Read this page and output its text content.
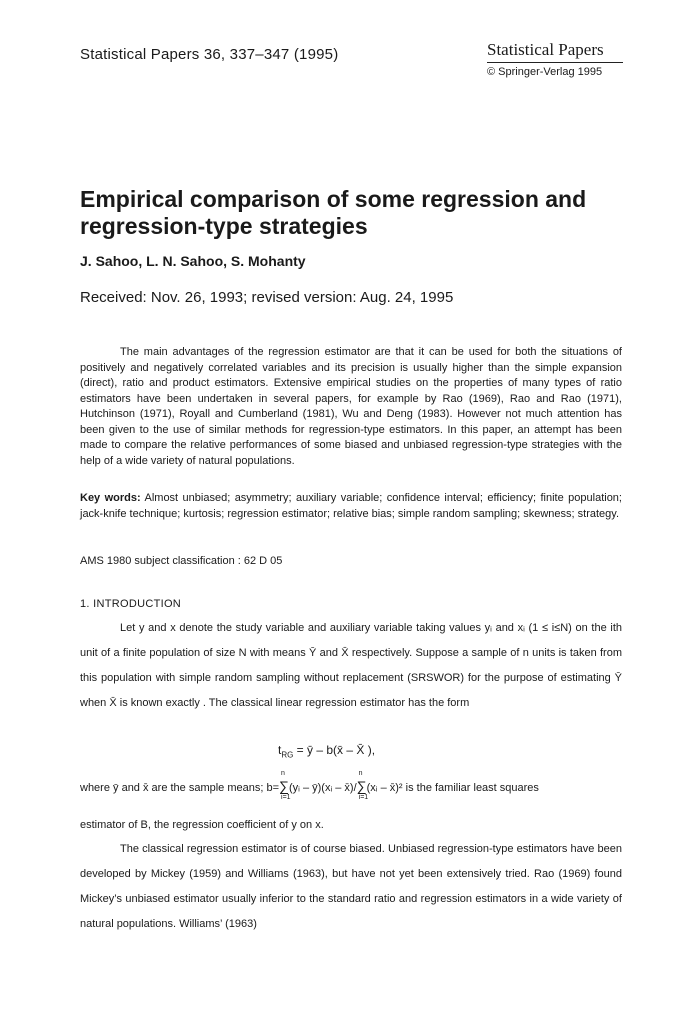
Statistical Papers 36, 337–347 (1995)	Statistical Papers
© Springer-Verlag 1995
Empirical comparison of some regression and regression-type strategies

J. Sahoo, L. N. Sahoo, S. Mohanty

Received: Nov. 26, 1993; revised version: Aug. 24, 1995

The main advantages of the regression estimator are that it can be used for both the situations of positively and negatively correlated variables and its precision is usually higher than the simple expansion (direct), ratio and product estimators. Extensive empirical studies on the properties of many types of ratio estimators have been undertaken in several papers, for example by Rao (1969), Rao and Rao (1971), Hutchinson (1971), Royall and Cumberland (1981), Wu and Deng (1983). However not much attention has been given to the use of similar methods for regression-type estimators. In this paper, an attempt has been made to compare the relative performances of some biased and unbiased regression-type strategies with the help of a wide variety of natural populations.

Key words: Almost unbiased; asymmetry; auxiliary variable; confidence interval; efficiency; finite population; jack-knife technique; kurtosis; regression estimator; relative bias; simple random sampling; skewness; strategy.

AMS 1980 subject classification : 62 D 05

1. INTRODUCTION

Let y and x denote the study variable and auxiliary variable taking values yᵢ and xᵢ (1 ≤ i≤N) on the ith unit of a finite population of size N with means Ȳ and X̄ respectively. Suppose a sample of n units is taken from this population with simple random sampling without replacement (SRSWOR) for the purpose of estimating Ȳ when X̄ is known exactly . The classical linear regression estimator has the form

$t_{RG}$ = ȳ – b(x̄ – X̄ ),
where ȳ and x̄ are the sample means; b=∑
n
i=1
(yᵢ – ȳ)(xᵢ – x̄)/∑
n
i=1
(xᵢ – x̄)² is the familiar least squares

estimator of B, the regression coefficient of y on x.

The classical regression estimator is of course biased. Unbiased regression-type estimators have been developed by Mickey (1959) and Williams (1963), but have not yet been extensively tried. Rao (1969) found Mickey’s unbiased estimator usually inferior to the standard ratio and regression estimators in a wide variety of natural populations. Williams’ (1963)
